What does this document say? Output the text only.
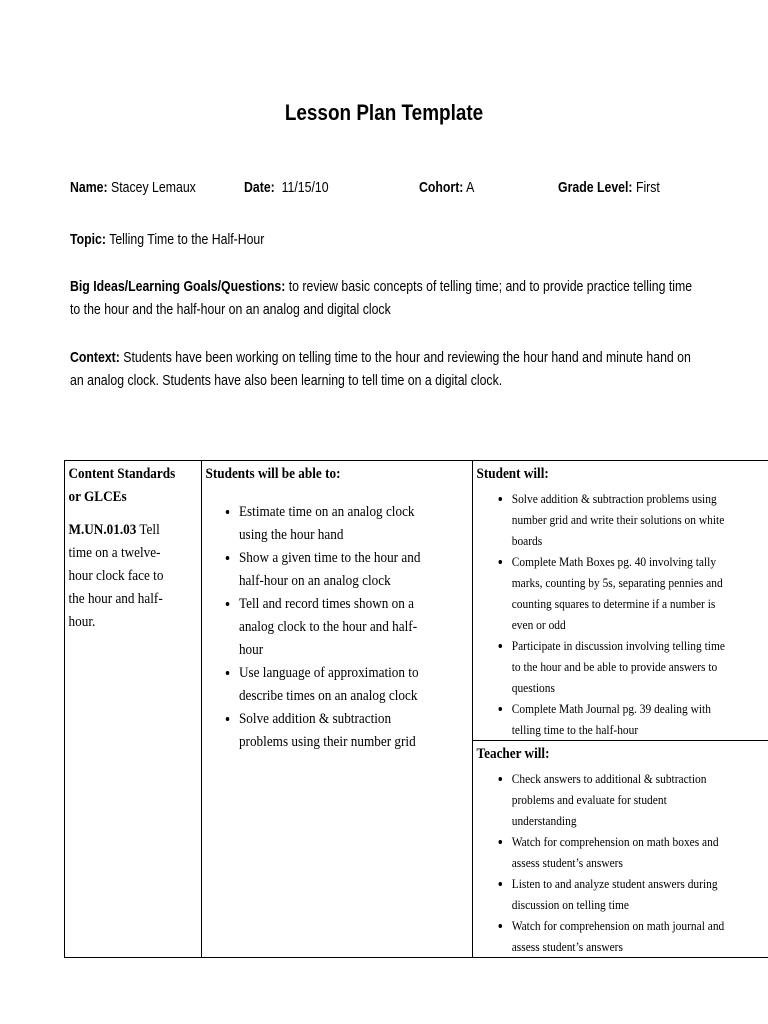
Lesson Plan Template
Name: Stacey Lemaux	Date: 11/15/10	Cohort: A	Grade Level: First
Topic: Telling Time to the Half-Hour
Big Ideas/Learning Goals/Questions: to review basic concepts of telling time; and to provide practice telling time to the hour and the half-hour on an analog and digital clock
Context: Students have been working on telling time to the hour and reviewing the hour hand and minute hand on an analog clock. Students have also been learning to tell time on a digital clock.
Content Standards or GLCEs
M.UN.01.03 Tell time on a twelve-hour clock face to the hour and half-hour.

Students will be able to:
• Estimate time on an analog clock using the hour hand
• Show a given time to the hour and half-hour on an analog clock
• Tell and record times shown on a analog clock to the hour and half-hour
• Use language of approximation to describe times on an analog clock
• Solve addition & subtraction problems using their number grid

Student will:
• Solve addition & subtraction problems using number grid and write their solutions on white boards
• Complete Math Boxes pg. 40 involving tally marks, counting by 5s, separating pennies and counting squares to determine if a number is even or odd
• Participate in discussion involving telling time to the hour and be able to provide answers to questions
• Complete Math Journal pg. 39 dealing with telling time to the half-hour

Teacher will:
• Check answers to additional & subtraction problems and evaluate for student understanding
• Watch for comprehension on math boxes and assess student’s answers
• Listen to and analyze student answers during discussion on telling time
• Watch for comprehension on math journal and assess student’s answers
